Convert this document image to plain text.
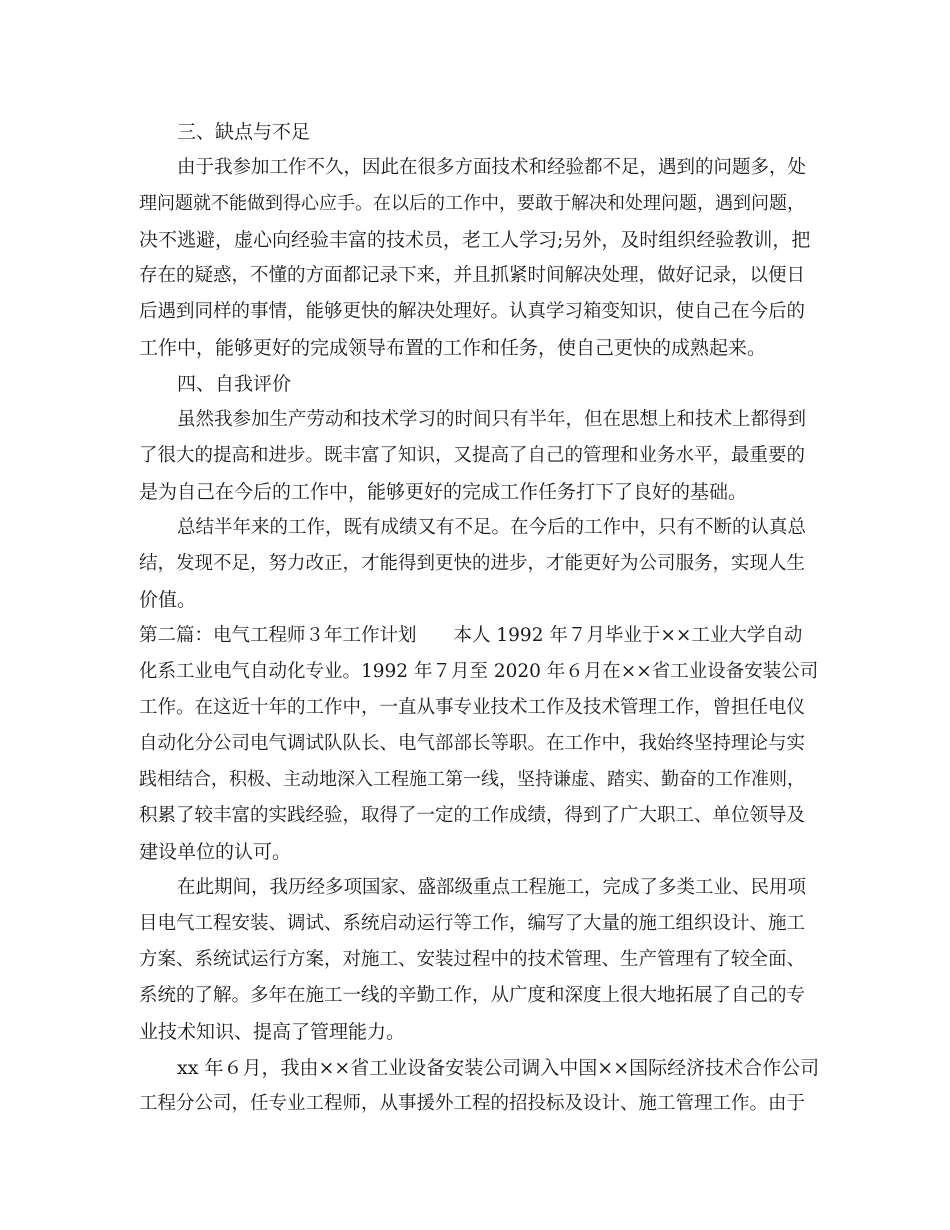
三、缺点与不足
由于我参加工作不久，因此在很多方面技术和经验都不足，遇到的问题多，处
理问题就不能做到得心应手。在以后的工作中，要敢于解决和处理问题，遇到问题，
决不逃避，虚心向经验丰富的技术员，老工人学习;另外，及时组织经验教训，把
存在的疑惑，不懂的方面都记录下来，并且抓紧时间解决处理，做好记录，以便日
后遇到同样的事情，能够更快的解决处理好。认真学习箱变知识，使自己在今后的
工作中，能够更好的完成领导布置的工作和任务，使自己更快的成熟起来。
四、自我评价
虽然我参加生产劳动和技术学习的时间只有半年，但在思想上和技术上都得到
了很大的提高和进步。既丰富了知识，又提高了自己的管理和业务水平，最重要的
是为自己在今后的工作中，能够更好的完成工作任务打下了良好的基础。
总结半年来的工作，既有成绩又有不足。在今后的工作中，只有不断的认真总
结，发现不足，努力改正，才能得到更快的进步，才能更好为公司服务，实现人生
价值。
第二篇：电气工程师３年工作计划　　本人 1992 年７月毕业于××工业大学自动
化系工业电气自动化专业。1992 年７月至 2020 年６月在××省工业设备安装公司
工作。在这近十年的工作中，一直从事专业技术工作及技术管理工作，曾担任电仪
自动化分公司电气调试队队长、电气部部长等职。在工作中，我始终坚持理论与实
践相结合，积极、主动地深入工程施工第一线，坚持谦虚、踏实、勤奋的工作准则，
积累了较丰富的实践经验，取得了一定的工作成绩，得到了广大职工、单位领导及
建设单位的认可。
在此期间，我历经多项国家、盛部级重点工程施工，完成了多类工业、民用项
目电气工程安装、调试、系统启动运行等工作，编写了大量的施工组织设计、施工
方案、系统试运行方案，对施工、安装过程中的技术管理、生产管理有了较全面、
系统的了解。多年在施工一线的辛勤工作，从广度和深度上很大地拓展了自己的专
业技术知识、提高了管理能力。
xx 年６月，我由××省工业设备安装公司调入中国××国际经济技术合作公司
工程分公司，任专业工程师，从事援外工程的招投标及设计、施工管理工作。由于
